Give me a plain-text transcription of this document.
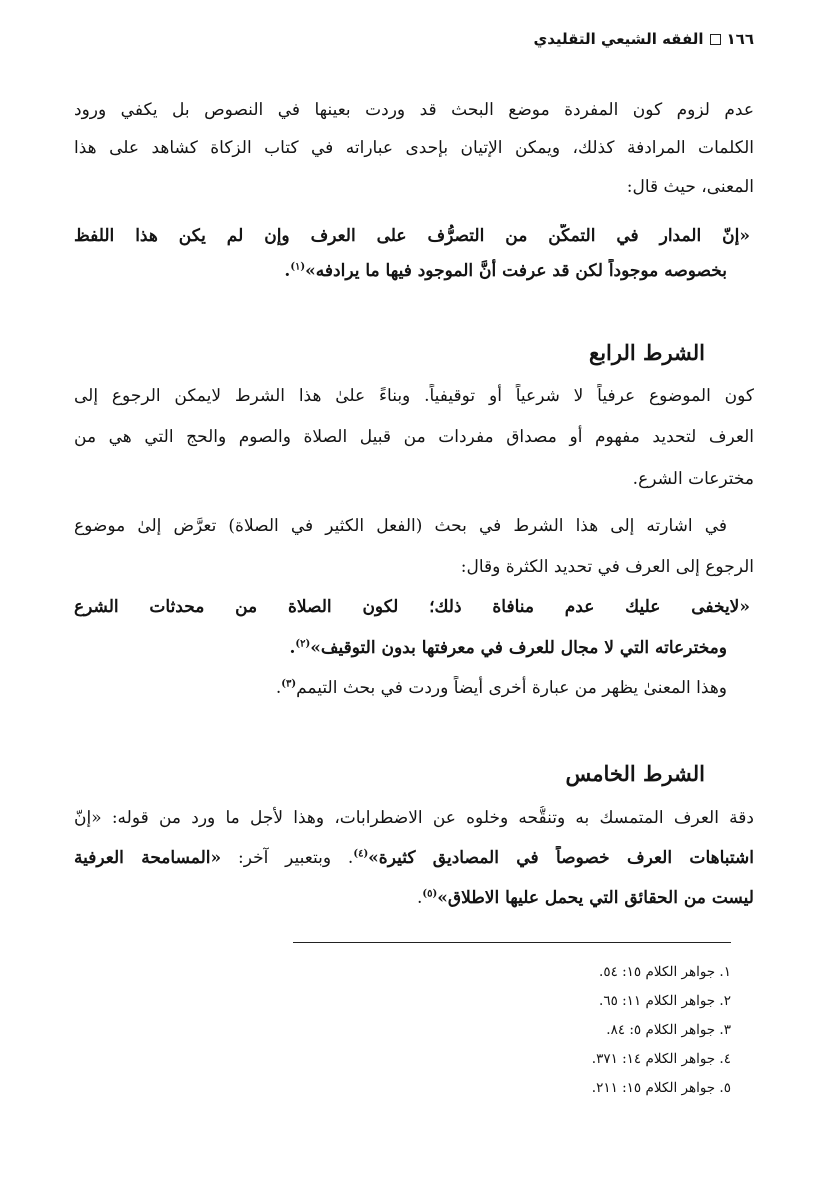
١٦٦
الفقه الشيعي التقليدي
عدم لزوم كون المفردة موضع البحث قد وردت بعينها في النصوص بل يكفي ورود
الكلمات المرادفة كذلك، ويمكن الإتيان بإحدى عباراته في كتاب الزكاة كشاهد على هذا
المعنى، حيث قال:
«إنّ المدار في التمكُّن من التصرُّف على العرف وإن لم يكن هذا اللفظ
بخصوصه موجوداً لكن قد عرفت أنَّ الموجود فيها ما يرادفه»$^{(١)}$.
الشرط الرابع
كون الموضوع عرفياً لا شرعياً أو توقيفياً. وبناءً علىٰ هذا الشرط لايمكن الرجوع إلى
العرف لتحديد مفهوم أو مصداق مفردات من قبيل الصلاة والصوم والحج التي هي من
مخترعات الشرع.
في اشارته إلى هذا الشرط في بحث (الفعل الكثير في الصلاة) تعرَّض إلىٰ موضوع
الرجوع إلى العرف في تحديد الكثرة وقال:
«لايخفى عليك عدم منافاة ذلك؛ لكون الصلاة من محدثات الشرع
ومخترعاته التي لا مجال للعرف في معرفتها بدون التوقيف»$^{(٢)}$.
وهذا المعنىٰ يظهر من عبارة أخرى أيضاً وردت في بحث التيمم$^{(٣)}$.
الشرط الخامس
دقة العرف المتمسك به وتنقُّحه وخلوه عن الاضطرابات، وهذا لأجل ما ورد من قوله: «إنّ
اشتباهات العرف خصوصاً في المصاديق كثيرة»$^{(٤)}$. وبتعبير آخر: «المسامحة العرفية
ليست من الحقائق التي يحمل عليها الاطلاق»$^{(٥)}$.
١. جواهر الكلام ١٥: ٥٤.
٢. جواهر الكلام ١١: ٦٥.
٣. جواهر الكلام ٥: ٨٤.
٤. جواهر الكلام ١٤: ٣٧١.
٥. جواهر الكلام ١٥: ٢١١.
